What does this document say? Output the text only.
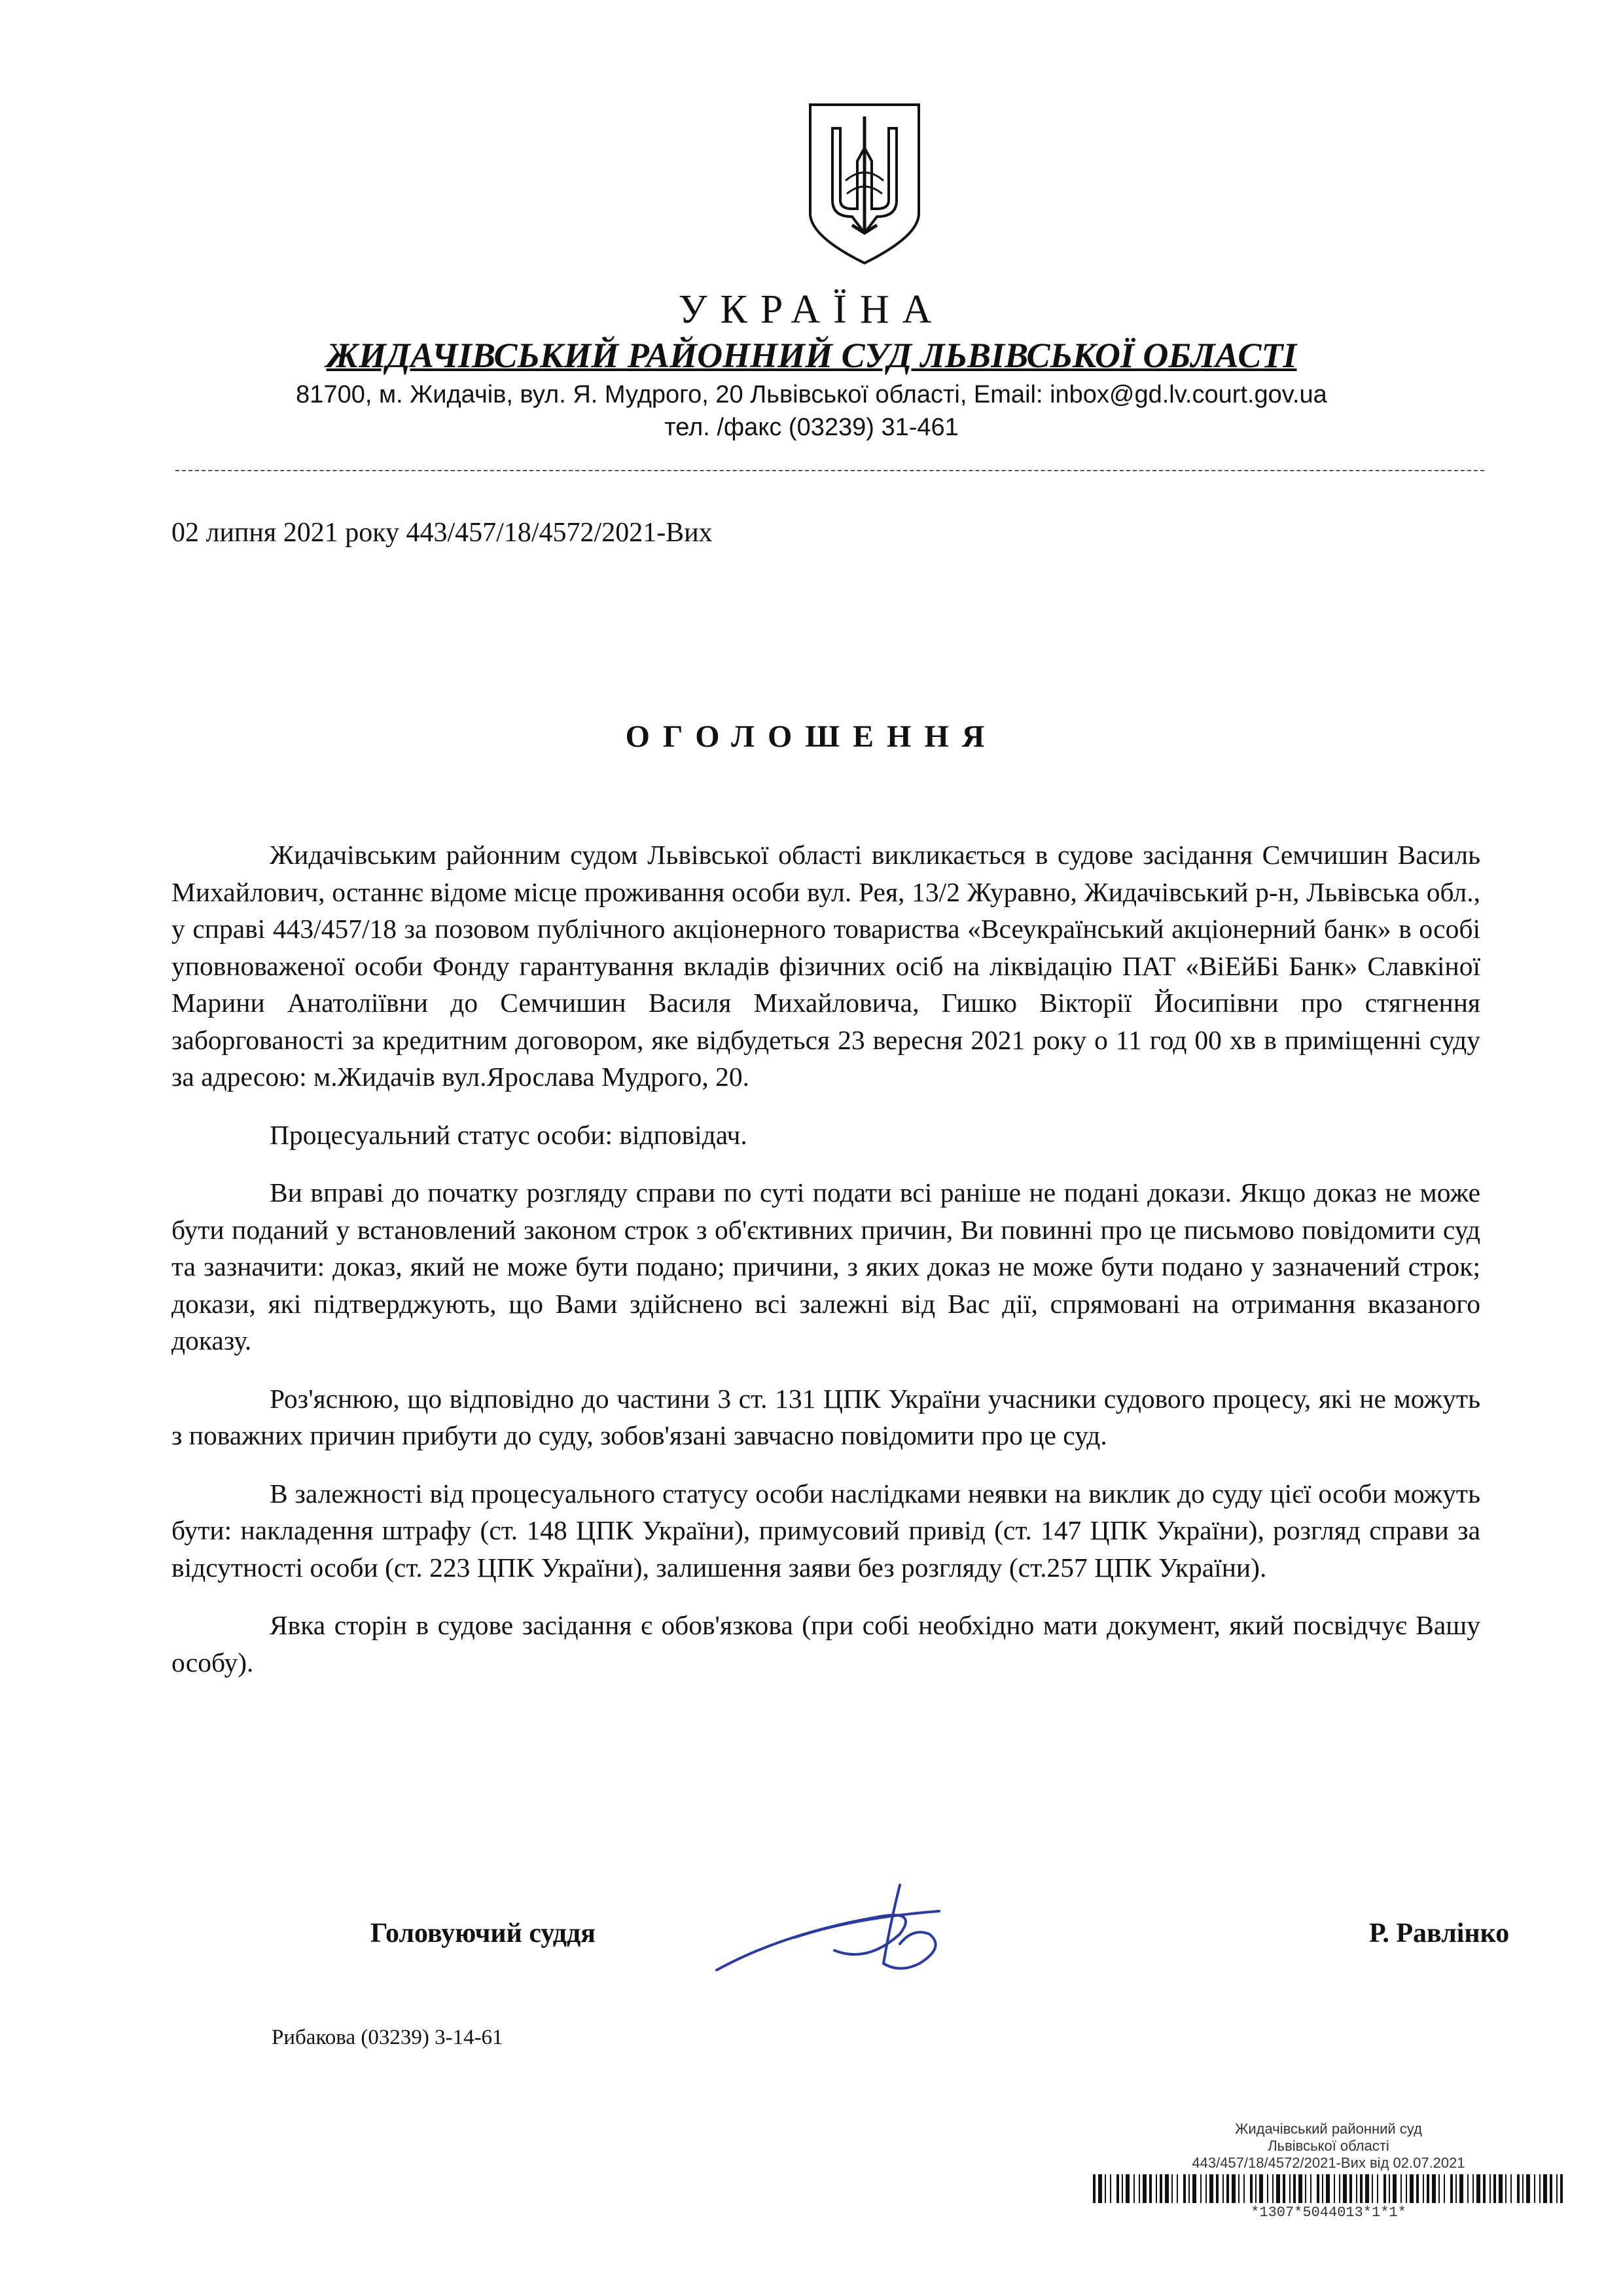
УКРАЇНА
ЖИДАЧІВСЬКИЙ РАЙОННИЙ СУД ЛЬВІВСЬКОЇ ОБЛАСТІ
81700, м. Жидачів, вул. Я. Мудрого, 20 Львівської області, Email: inbox@gd.lv.court.gov.ua
тел. /факс (03239) 31-461
02 липня 2021 року 443/457/18/4572/2021-Вих
ОГОЛОШЕННЯ

Жидачівським районним судом Львівської області викликається в судове засідання Семчишин Василь Михайлович, останнє відоме місце проживання особи вул. Рея, 13/2 Журавно, Жидачівський р-н, Львівська обл., у справі 443/457/18 за позовом публічного акціонерного товариства «Всеукраїнський акціонерний банк» в особі уповноваженої особи Фонду гарантування вкладів фізичних осіб на ліквідацію ПАТ «ВіЕйБі Банк» Славкіної Марини Анатоліївни до Семчишин Василя Михайловича, Гишко Вікторії Йосипівни про стягнення заборгованості за кредитним договором, яке відбудеться 23 вересня 2021 року о 11 год 00 хв в приміщенні суду за адресою: м.Жидачів вул.Ярослава Мудрого, 20.

Процесуальний статус особи: відповідач.

Ви вправі до початку розгляду справи по суті подати всі раніше не подані докази. Якщо доказ не може бути поданий у встановлений законом строк з об'єктивних причин, Ви повинні про це письмово повідомити суд та зазначити: доказ, який не може бути подано; причини, з яких доказ не може бути подано у зазначений строк; докази, які підтверджують, що Вами здійснено всі залежні від Вас дії, спрямовані на отримання вказаного доказу.

Роз'яснюю, що відповідно до частини 3 ст. 131 ЦПК України учасники судового процесу, які не можуть з поважних причин прибути до суду, зобов'язані завчасно повідомити про це суд.

В залежності від процесуального статусу особи наслідками неявки на виклик до суду цієї особи можуть бути: накладення штрафу (ст. 148 ЦПК України), примусовий привід (ст. 147 ЦПК України), розгляд справи за відсутності особи (ст. 223 ЦПК України), залишення заяви без розгляду (ст.257 ЦПК України).

Явка сторін в судове засідання є обов'язкова (при собі необхідно мати документ, який посвідчує Вашу особу).

Головуючий суддя	Р. Равлінко
Рибакова (03239) 3-14-61
Жидачівський районний суд
Львівської області
443/457/18/4572/2021-Вих від 02.07.2021
*1307*5044013*1*1*
